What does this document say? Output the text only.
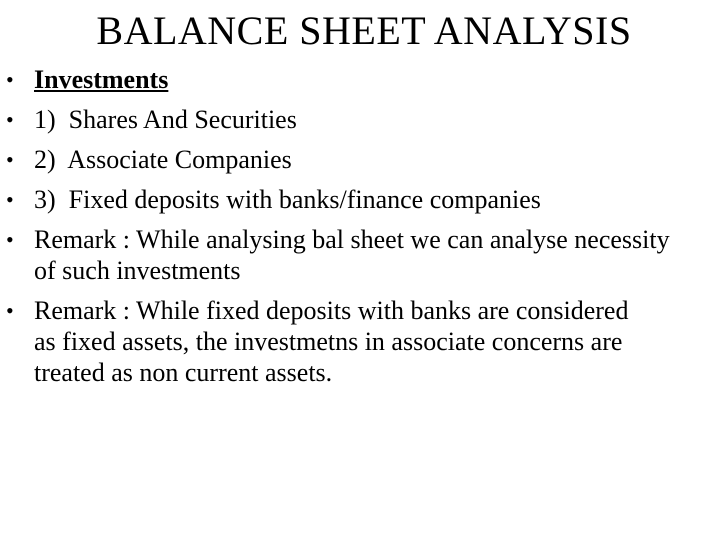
BALANCE SHEET ANALYSIS
• Investments
• 1)  Shares And Securities
• 2)  Associate Companies
• 3)  Fixed deposits with banks/finance companies
• Remark : While analysing bal sheet we can analyse necessity of such investments
• Remark : While fixed deposits with banks are considered as fixed assets, the investmetns in associate concerns are treated as non current assets.
